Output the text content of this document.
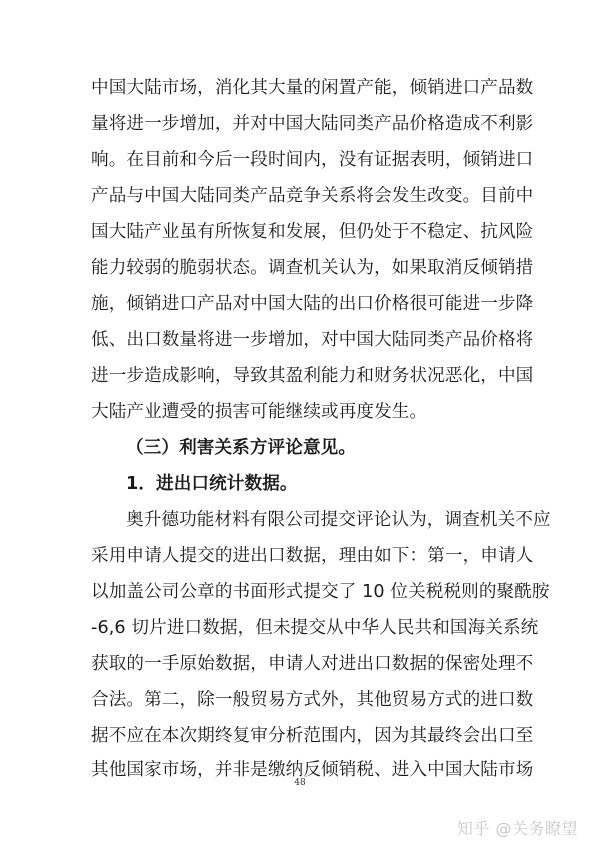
中国大陆市场，消化其大量的闲置产能，倾销进口产品数
量将进一步增加，并对中国大陆同类产品价格造成不利影
响。在目前和今后一段时间内，没有证据表明，倾销进口
产品与中国大陆同类产品竞争关系将会发生改变。目前中
国大陆产业虽有所恢复和发展，但仍处于不稳定、抗风险
能力较弱的脆弱状态。调查机关认为，如果取消反倾销措
施，倾销进口产品对中国大陆的出口价格很可能进一步降
低、出口数量将进一步增加，对中国大陆同类产品价格将
进一步造成影响，导致其盈利能力和财务状况恶化，中国
大陆产业遭受的损害可能继续或再度发生。
（三）利害关系方评论意见。
1．进出口统计数据。
奥升德功能材料有限公司提交评论认为，调查机关不应
采用申请人提交的进出口数据，理由如下：第一，申请人
以加盖公司公章的书面形式提交了 10 位关税税则的聚酰胺
-6,6 切片进口数据，但未提交从中华人民共和国海关系统
获取的一手原始数据，申请人对进出口数据的保密处理不
合法。第二，除一般贸易方式外，其他贸易方式的进口数
据不应在本次期终复审分析范围内，因为其最终会出口至
其他国家市场，并非是缴纳反倾销税、进入中国大陆市场
48
知乎 @关务瞭望
